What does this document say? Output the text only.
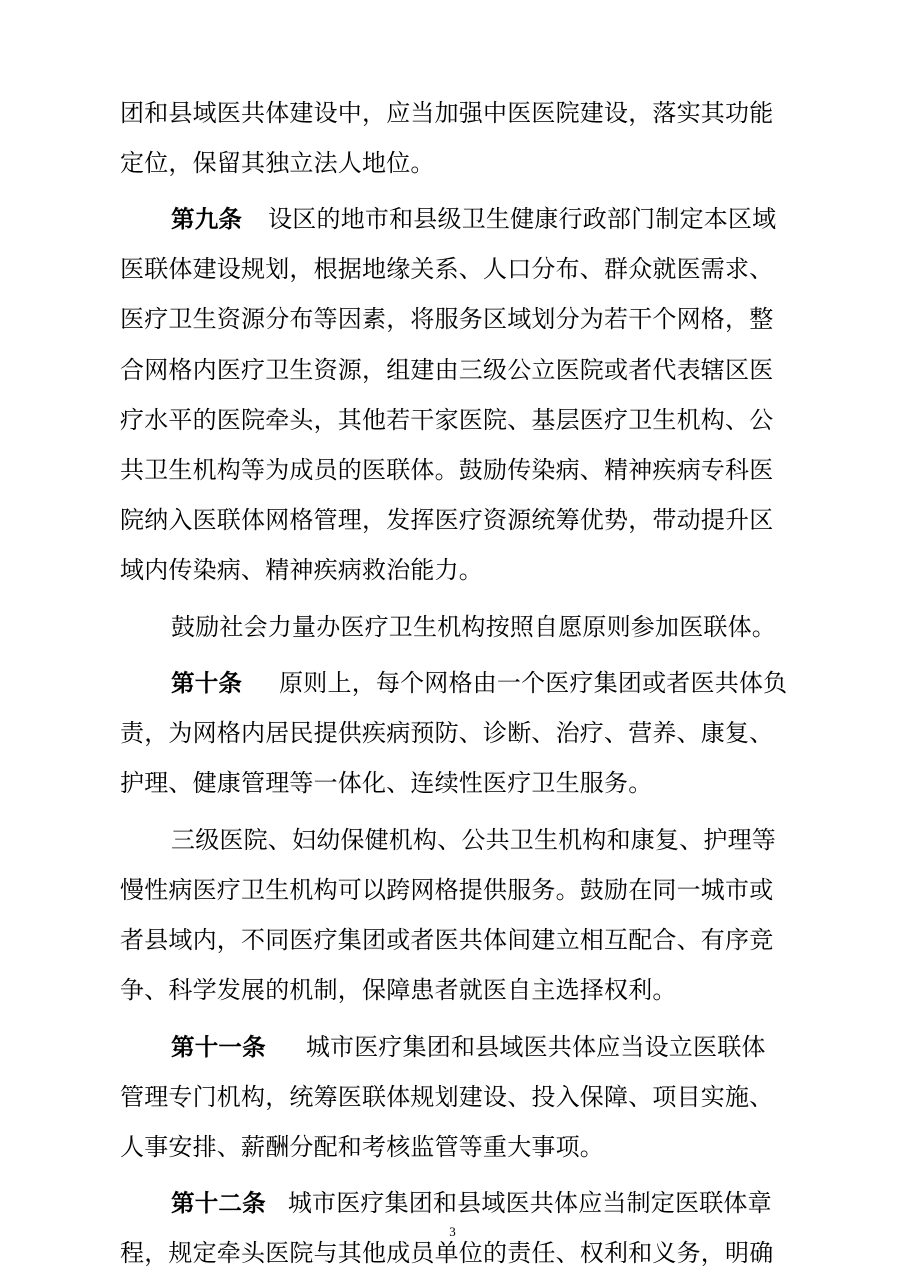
团和县域医共体建设中，应当加强中医医院建设，落实其功能
定位，保留其独立法人地位。
第九条 设区的地市和县级卫生健康行政部门制定本区域
医联体建设规划，根据地缘关系、人口分布、群众就医需求、
医疗卫生资源分布等因素，将服务区域划分为若干个网格，整
合网格内医疗卫生资源，组建由三级公立医院或者代表辖区医
疗水平的医院牵头，其他若干家医院、基层医疗卫生机构、公
共卫生机构等为成员的医联体。鼓励传染病、精神疾病专科医
院纳入医联体网格管理，发挥医疗资源统筹优势，带动提升区
域内传染病、精神疾病救治能力。
鼓励社会力量办医疗卫生机构按照自愿原则参加医联体。
第十条 原则上，每个网格由一个医疗集团或者医共体负
责，为网格内居民提供疾病预防、诊断、治疗、营养、康复、
护理、健康管理等一体化、连续性医疗卫生服务。
三级医院、妇幼保健机构、公共卫生机构和康复、护理等
慢性病医疗卫生机构可以跨网格提供服务。鼓励在同一城市或
者县域内，不同医疗集团或者医共体间建立相互配合、有序竞
争、科学发展的机制，保障患者就医自主选择权利。
第十一条 城市医疗集团和县域医共体应当设立医联体
管理专门机构，统筹医联体规划建设、投入保障、项目实施、
人事安排、薪酬分配和考核监管等重大事项。
第十二条 城市医疗集团和县域医共体应当制定医联体章
程，规定牵头医院与其他成员单位的责任、权利和义务，明确
3
